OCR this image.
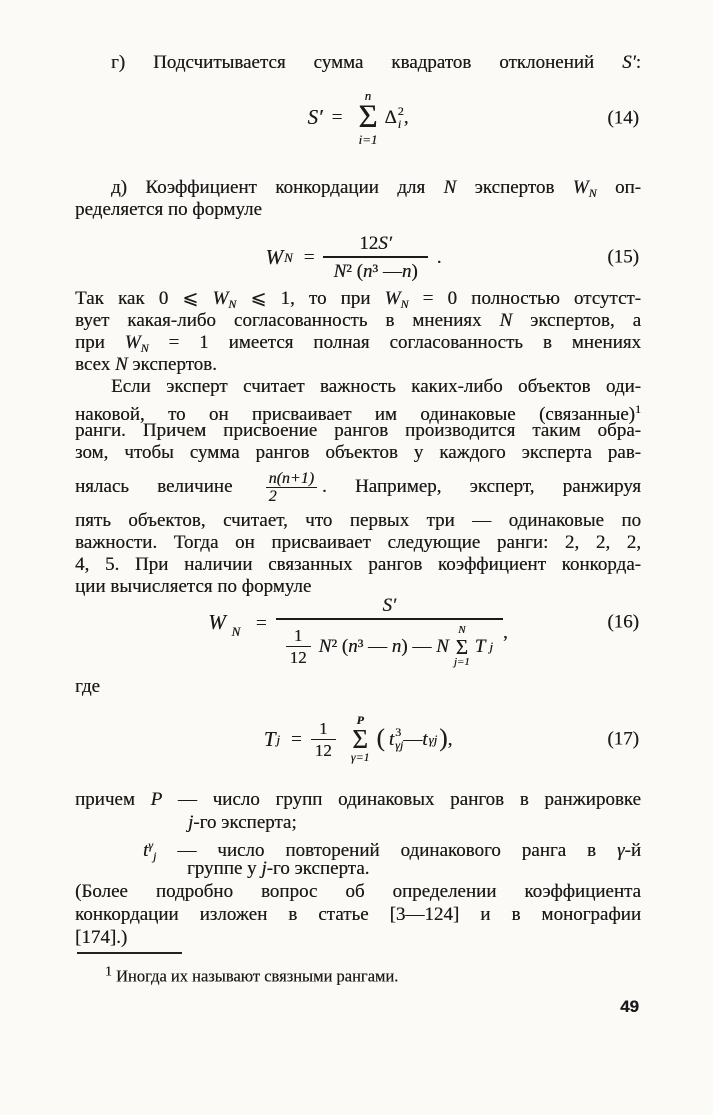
г) Подсчитывается сумма квадратов отклонений S′:
S′ =
n
Σ
i=1
Δ 2
i ,	(14)
д) Коэффициент конкордации для N экспертов $W_N$ оп-
ределяется по формуле
W $N = \frac{12 S'}{\text{N ² ( n ³ — n )}}$ .	(15)
Так как 0 ⩽ $W_N$ ⩽ 1, то при $W_N = 0$ полностью отсутст-
вует какая-либо согласованность в мнениях N экспертов, а
при $W_N = 1$ имеется полная согласованность в мнениях
всех N экспертов.
Если эксперт считает важность каких-либо объектов оди-
наковой, то он присваивает им одинаковые (связанные)$^1$
ранги. Причем присвоение рангов производится таким обра-
зом, чтобы сумма рангов объектов у каждого эксперта рав-
нялась величине $\frac{n(n+1)}{2}$ . Например, эксперт, ранжируя
пять объектов, считает, что первых три — одинаковые по
важности. Тогда он присваивает следующие ранги: 2, 2, 2,
4, 5. При наличии связанных рангов коэффициент конкорда-
ции вычисляется по формуле
W $_N$ =
S′
$\frac{1}{12} N^2$ (n³ — n) — N
N
Σ
j=1
T j
,
(16)
где
T $j = \frac{1}{12}$ P
Σ
γ=1
( t 3
γj — t γj ) ,	(17)
причем P — число групп одинаковых рангов в ранжировке
j-го эксперта;
$t^\gamma_j$ — число повторений одинакового ранга в γ-й
группе у j-го эксперта.
(Более подробно вопрос об определении коэффициента
конкордации изложен в статье [3—124] и в монографии
[174].)
$^1$ Иногда их называют связными рангами.
49
